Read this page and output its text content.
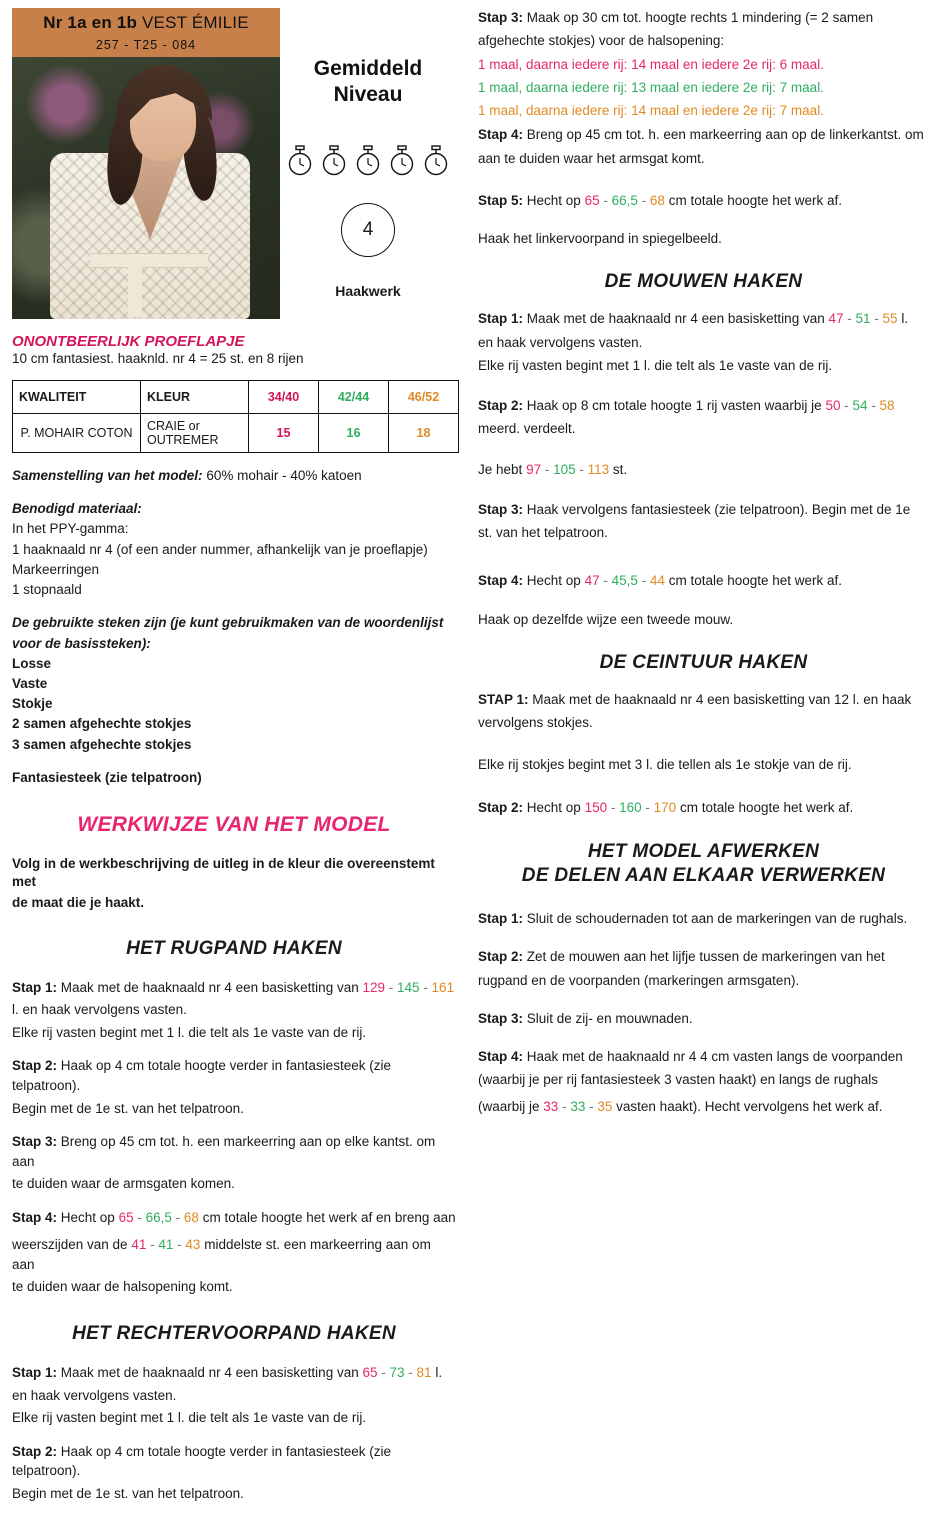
Nr 1a en 1b VEST ÉMILIE
257 - T25 - 084
Gemiddeld
Niveau
4
Haakwerk
ONONTBEERLIJK PROEFLAPJE
10 cm fantasiest. haaknld. nr 4 = 25 st. en 8 rijen
KWALITEIT	KLEUR	34/40	42/44	46/52
P. MOHAIR COTON	CRAIE or
OUTREMER	15	16	18

Samenstelling van het model: 60% mohair - 40% katoen

Benodigd materiaal:

In het PPY-gamma:

1 haaknaald nr 4 (of een ander nummer, afhankelijk van je proeflapje)

Markeerringen

1 stopnaald

De gebruikte steken zijn (je kunt gebruikmaken van de woordenlijst

voor de basissteken):

Losse

Vaste

Stokje

2 samen afgehechte stokjes

3 samen afgehechte stokjes

Fantasiesteek (zie telpatroon)

WERKWIJZE VAN HET MODEL

Volg in de werkbeschrijving de uitleg in de kleur die overeenstemt met

de maat die je haakt.

HET RUGPAND HAKEN

Stap 1: Maak met de haaknaald nr 4 een basisketting van 129 - 145 - 161

l. en haak vervolgens vasten.

Elke rij vasten begint met 1 l. die telt als 1e vaste van de rij.

Stap 2: Haak op 4 cm totale hoogte verder in fantasiesteek (zie telpatroon).

Begin met de 1e st. van het telpatroon.

Stap 3: Breng op 45 cm tot. h. een markeerring aan op elke kantst. om aan

te duiden waar de armsgaten komen.

Stap 4: Hecht op 65 - 66,5 - 68 cm totale hoogte het werk af en breng aan

weerszijden van de 41 - 41 - 43 middelste st. een markeerring aan om aan

te duiden waar de halsopening komt.

HET RECHTERVOORPAND HAKEN

Stap 1: Maak met de haaknaald nr 4 een basisketting van 65 - 73 - 81 l.

en haak vervolgens vasten.

Elke rij vasten begint met 1 l. die telt als 1e vaste van de rij.

Stap 2: Haak op 4 cm totale hoogte verder in fantasiesteek (zie telpatroon).

Begin met de 1e st. van het telpatroon.

Stap 3: Maak op 30 cm tot. hoogte rechts 1 mindering (= 2 samen

afgehechte stokjes) voor de halsopening:

1 maal, daarna iedere rij: 14 maal en iedere 2e rij: 6 maal.

1 maal, daarna iedere rij: 13 maal en iedere 2e rij: 7 maal.

1 maal, daarna iedere rij: 14 maal en iedere 2e rij: 7 maal.

Stap 4: Breng op 45 cm tot. h. een markeerring aan op de linkerkantst. om

aan te duiden waar het armsgat komt.

Stap 5: Hecht op 65 - 66,5 - 68 cm totale hoogte het werk af.

Haak het linkervoorpand in spiegelbeeld.

DE MOUWEN HAKEN

Stap 1: Maak met de haaknaald nr 4 een basisketting van 47 - 51 - 55 l.

en haak vervolgens vasten.

Elke rij vasten begint met 1 l. die telt als 1e vaste van de rij.

Stap 2: Haak op 8 cm totale hoogte 1 rij vasten waarbij je 50 - 54 - 58

meerd. verdeelt.

Je hebt 97 - 105 - 113 st.

Stap 3: Haak vervolgens fantasiesteek (zie telpatroon). Begin met de 1e

st. van het telpatroon.

Stap 4: Hecht op 47 - 45,5 - 44 cm totale hoogte het werk af.

Haak op dezelfde wijze een tweede mouw.

DE CEINTUUR HAKEN

STAP 1: Maak met de haaknaald nr 4 een basisketting van 12 l. en haak

vervolgens stokjes.

Elke rij stokjes begint met 3 l. die tellen als 1e stokje van de rij.

Stap 2: Hecht op 150 - 160 - 170 cm totale hoogte het werk af.

HET MODEL AFWERKEN
DE DELEN AAN ELKAAR VERWERKEN

Stap 1: Sluit de schoudernaden tot aan de markeringen van de rughals.

Stap 2: Zet de mouwen aan het lijfje tussen de markeringen van het

rugpand en de voorpanden (markeringen armsgaten).

Stap 3: Sluit de zij- en mouwnaden.

Stap 4: Haak met de haaknaald nr 4 4 cm vasten langs de voorpanden

(waarbij je per rij fantasiesteek 3 vasten haakt) en langs de rughals

(waarbij je 33 - 33 - 35 vasten haakt). Hecht vervolgens het werk af.
